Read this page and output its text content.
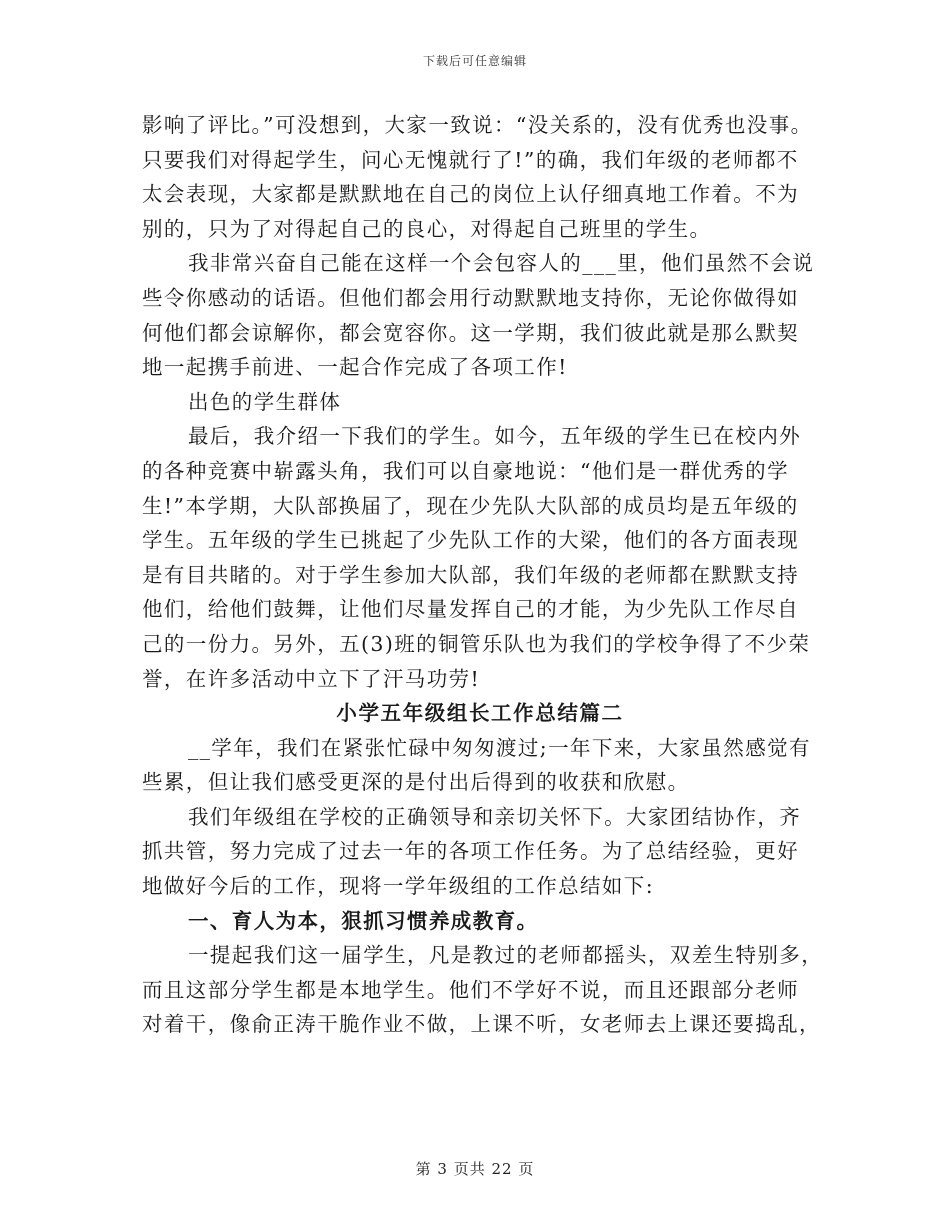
下载后可任意编辑
影响了评比。”可没想到，大家一致说：“没关系的，没有优秀也没事。
只要我们对得起学生，问心无愧就行了!”的确，我们年级的老师都不
太会表现，大家都是默默地在自己的岗位上认仔细真地工作着。不为
别的，只为了对得起自己的良心，对得起自己班里的学生。
我非常兴奋自己能在这样一个会包容人的___里，他们虽然不会说
些令你感动的话语。但他们都会用行动默默地支持你，无论你做得如
何他们都会谅解你，都会宽容你。这一学期，我们彼此就是那么默契
地一起携手前进、一起合作完成了各项工作!
出色的学生群体
最后，我介绍一下我们的学生。如今，五年级的学生已在校内外
的各种竞赛中崭露头角，我们可以自豪地说：“他们是一群优秀的学
生!”本学期，大队部换届了，现在少先队大队部的成员均是五年级的
学生。五年级的学生已挑起了少先队工作的大梁，他们的各方面表现
是有目共睹的。对于学生参加大队部，我们年级的老师都在默默支持
他们，给他们鼓舞，让他们尽量发挥自己的才能，为少先队工作尽自
己的一份力。另外，五(3)班的铜管乐队也为我们的学校争得了不少荣
誉，在许多活动中立下了汗马功劳!
小学五年级组长工作总结篇二
__学年，我们在紧张忙碌中匆匆渡过;一年下来，大家虽然感觉有
些累，但让我们感受更深的是付出后得到的收获和欣慰。
我们年级组在学校的正确领导和亲切关怀下。大家团结协作，齐
抓共管，努力完成了过去一年的各项工作任务。为了总结经验，更好
地做好今后的工作，现将一学年级组的工作总结如下:
一、育人为本，狠抓习惯养成教育。
一提起我们这一届学生，凡是教过的老师都摇头，双差生特别多，
而且这部分学生都是本地学生。他们不学好不说，而且还跟部分老师
对着干，像俞正涛干脆作业不做，上课不听，女老师去上课还要捣乱，
第 3 页共 22 页
